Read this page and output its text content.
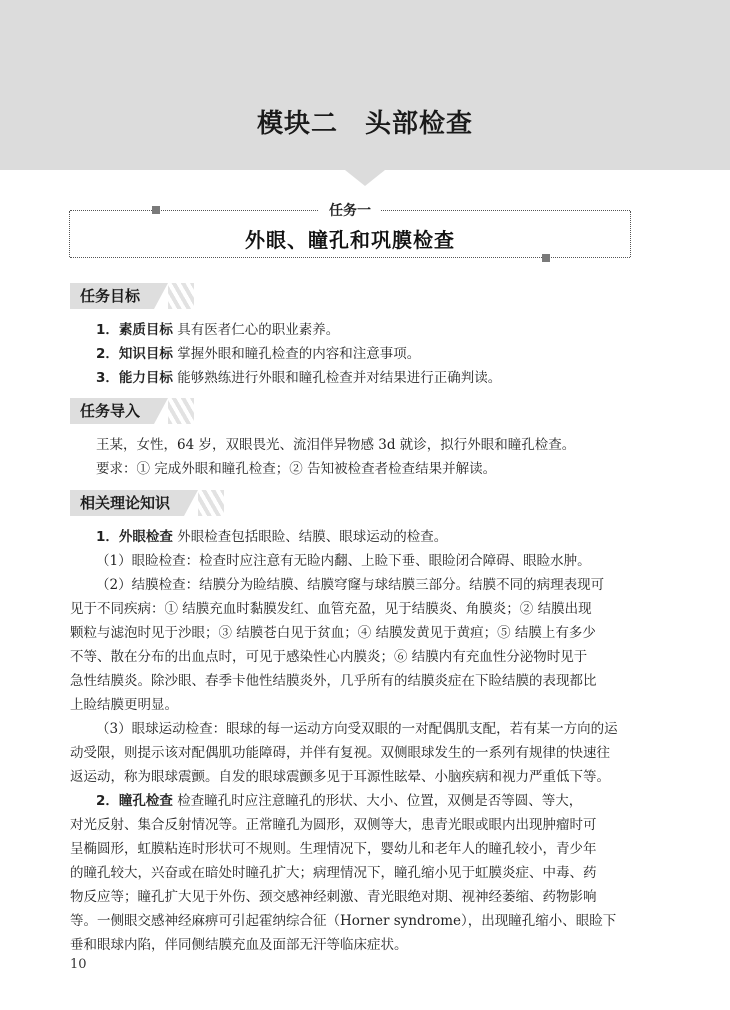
模块二　头部检查
任务一
外眼、瞳孔和巩膜检查
任务目标
1．素质目标 具有医者仁心的职业素养。
2．知识目标 掌握外眼和瞳孔检查的内容和注意事项。
3．能力目标 能够熟练进行外眼和瞳孔检查并对结果进行正确判读。
任务导入
王某，女性，64 岁，双眼畏光、流泪伴异物感 3d 就诊，拟行外眼和瞳孔检查。
要求：① 完成外眼和瞳孔检查；② 告知被检查者检查结果并解读。
相关理论知识
1．外眼检查 外眼检查包括眼睑、结膜、眼球运动的检查。
（1）眼睑检查：检查时应注意有无睑内翻、上睑下垂、眼睑闭合障碍、眼睑水肿。
（2）结膜检查：结膜分为睑结膜、结膜穹窿与球结膜三部分。结膜不同的病理表现可
见于不同疾病：① 结膜充血时黏膜发红、血管充盈，见于结膜炎、角膜炎；② 结膜出现
颗粒与滤泡时见于沙眼；③ 结膜苍白见于贫血；④ 结膜发黄见于黄疸；⑤ 结膜上有多少
不等、散在分布的出血点时，可见于感染性心内膜炎；⑥ 结膜内有充血性分泌物时见于
急性结膜炎。除沙眼、春季卡他性结膜炎外，几乎所有的结膜炎症在下睑结膜的表现都比
上睑结膜更明显。
（3）眼球运动检查：眼球的每一运动方向受双眼的一对配偶肌支配，若有某一方向的运
动受限，则提示该对配偶肌功能障碍，并伴有复视。双侧眼球发生的一系列有规律的快速往
返运动，称为眼球震颤。自发的眼球震颤多见于耳源性眩晕、小脑疾病和视力严重低下等。
2．瞳孔检查 检查瞳孔时应注意瞳孔的形状、大小、位置，双侧是否等圆、等大，
对光反射、集合反射情况等。正常瞳孔为圆形，双侧等大，患青光眼或眼内出现肿瘤时可
呈椭圆形，虹膜粘连时形状可不规则。生理情况下，婴幼儿和老年人的瞳孔较小，青少年
的瞳孔较大，兴奋或在暗处时瞳孔扩大；病理情况下，瞳孔缩小见于虹膜炎症、中毒、药
物反应等；瞳孔扩大见于外伤、颈交感神经刺激、青光眼绝对期、视神经萎缩、药物影响
等。一侧眼交感神经麻痹可引起霍纳综合征（Horner syndrome），出现瞳孔缩小、眼睑下
垂和眼球内陷，伴同侧结膜充血及面部无汗等临床症状。
10
